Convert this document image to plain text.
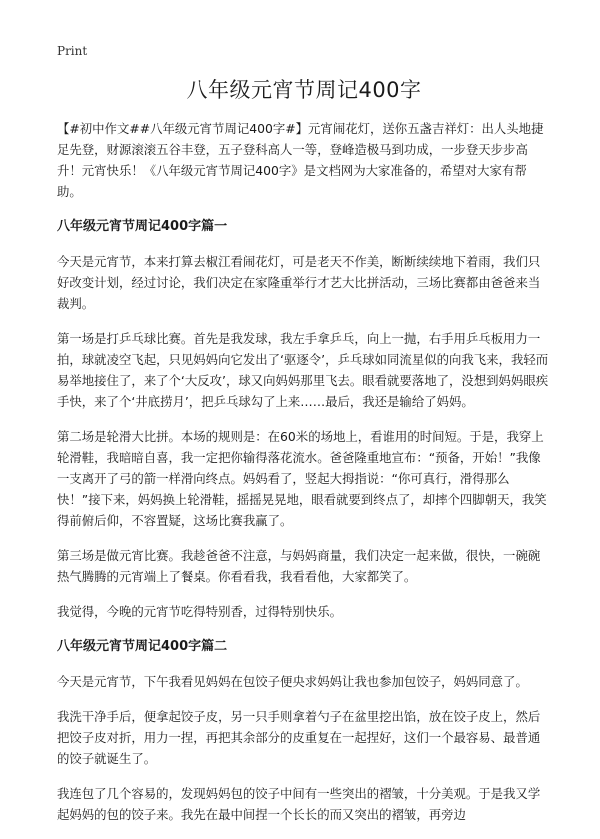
Print
八年级元宵节周记400字

【#初中作文##八年级元宵节周记400字#】元宵闹花灯，送你五盏吉祥灯：出人头地捷足先登，财源滚滚五谷丰登，五子登科高人一等，登峰造极马到功成，一步登天步步高升！元宵快乐！《八年级元宵节周记400字》是文档网为大家准备的，希望对大家有帮助。

八年级元宵节周记400字篇一

今天是元宵节，本来打算去椒江看闹花灯，可是老天不作美，断断续续地下着雨，我们只好改变计划，经过讨论，我们决定在家隆重举行才艺大比拼活动，三场比赛都由爸爸来当裁判。

第一场是打乒乓球比赛。首先是我发球，我左手拿乒乓，向上一抛，右手用乒乓板用力一拍，球就凌空飞起，只见妈妈向它发出了‘驱逐令’，乒乓球如同流星似的向我飞来，我轻而易举地接住了，来了个‘大反攻’，球又向妈妈那里飞去。眼看就要落地了，没想到妈妈眼疾手快，来了个‘井底捞月’，把乒乓球勾了上来……最后，我还是输给了妈妈。

第二场是轮滑大比拼。本场的规则是：在60米的场地上，看谁用的时间短。于是，我穿上轮滑鞋，我暗暗自喜，我一定把你输得落花流水。爸爸隆重地宣布：“预备，开始！”我像一支离开了弓的箭一样滑向终点。妈妈看了，竖起大拇指说：“你可真行，滑得那么快！”接下来，妈妈换上轮滑鞋，摇摇晃晃地，眼看就要到终点了，却摔个四脚朝天，我笑得前俯后仰，不容置疑，这场比赛我赢了。

第三场是做元宵比赛。我趁爸爸不注意，与妈妈商量，我们决定一起来做，很快，一碗碗热气腾腾的元宵端上了餐桌。你看看我，我看看他，大家都笑了。

我觉得，今晚的元宵节吃得特别香，过得特别快乐。

八年级元宵节周记400字篇二

今天是元宵节，下午我看见妈妈在包饺子便央求妈妈让我也参加包饺子，妈妈同意了。

我洗干净手后，便拿起饺子皮，另一只手则拿着勺子在盆里挖出馅，放在饺子皮上，然后把饺子皮对折，用力一捏，再把其余部分的皮重复在一起捏好，这们一个最容易、最普通的饺子就诞生了。

我连包了几个容易的，发现妈妈包的饺子中间有一些突出的褶皱，十分美观。于是我又学起妈妈的包的饺子来。我先在最中间捏一个长长的而又突出的褶皱，再旁边
